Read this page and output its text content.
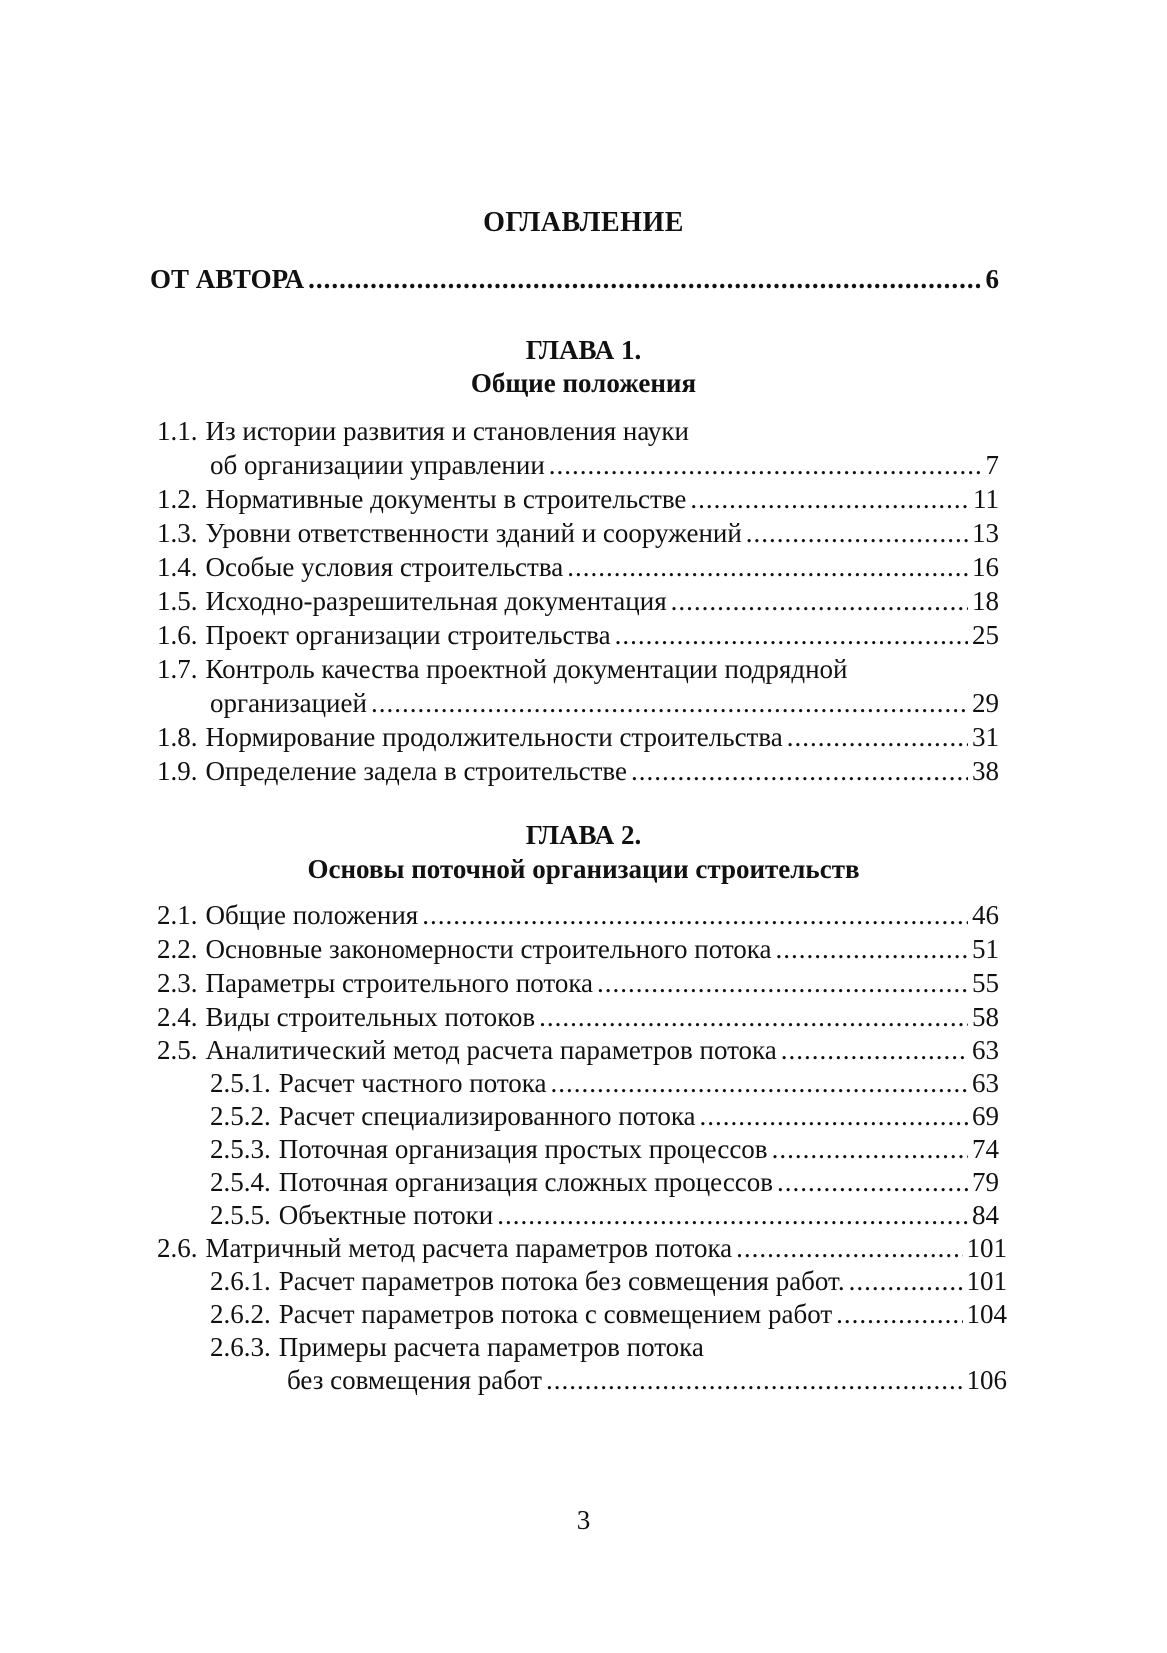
ОГЛАВЛЕНИЕ
ОТ АВТОРА .....	6
ГЛАВА 1.
Общие положения
1.1. Из истории развития и становления науки
об организациии управлении .....	7
1.2. Нормативные документы в строительстве .....	11
1.3. Уровни ответственности зданий и сооружений .....	13
1.4. Особые условия строительства .....	16
1.5. Исходно-разрешительная документация .....	18
1.6. Проект организации строительства .....	25
1.7. Контроль качества проектной документации подрядной
организацией .....	29
1.8. Нормирование продолжительности строительства .....	31
1.9. Определение задела в строительстве .....	38
ГЛАВА 2.
Основы поточной организации строительств
2.1. Общие положения .....	46
2.2. Основные закономерности строительного потока .....	51
2.3. Параметры строительного потока .....	55
2.4. Виды строительных потоков .....	58
2.5. Аналитический метод расчета параметров потока .....	63
2.5.1. Расчет частного потока .....	63
2.5.2. Расчет специализированного потока .....	69
2.5.3. Поточная организация простых процессов .....	74
2.5.4. Поточная организация сложных процессов .....	79
2.5.5. Объектные потоки .....	84
2.6. Матричный метод расчета параметров потока .....	101
2.6.1. Расчет параметров потока без совмещения работ. .....	101
2.6.2. Расчет параметров потока с совмещением работ .....	104
2.6.3. Примеры расчета параметров потока
без совмещения работ .....	106
3
